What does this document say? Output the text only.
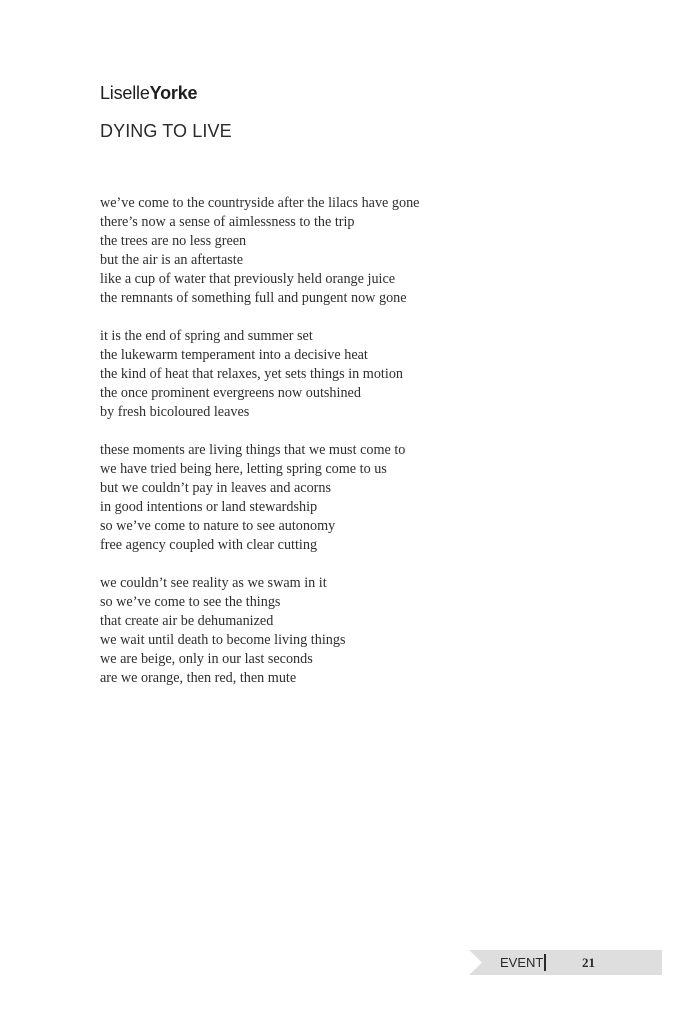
LiselleYorke
DYING TO LIVE
we’ve come to the countryside after the lilacs have gone
there’s now a sense of aimlessness to the trip
the trees are no less green
but the air is an aftertaste
like a cup of water that previously held orange juice
the remnants of something full and pungent now gone
it is the end of spring and summer set
the lukewarm temperament into a decisive heat
the kind of heat that relaxes, yet sets things in motion
the once prominent evergreens now outshined
by fresh bicoloured leaves
these moments are living things that we must come to
we have tried being here, letting spring come to us
but we couldn’t pay in leaves and acorns
in good intentions or land stewardship
so we’ve come to nature to see autonomy
free agency coupled with clear cutting
we couldn’t see reality as we swam in it
so we’ve come to see the things
that create air be dehumanized
we wait until death to become living things
we are beige, only in our last seconds
are we orange, then red, then mute
EVENT	21
